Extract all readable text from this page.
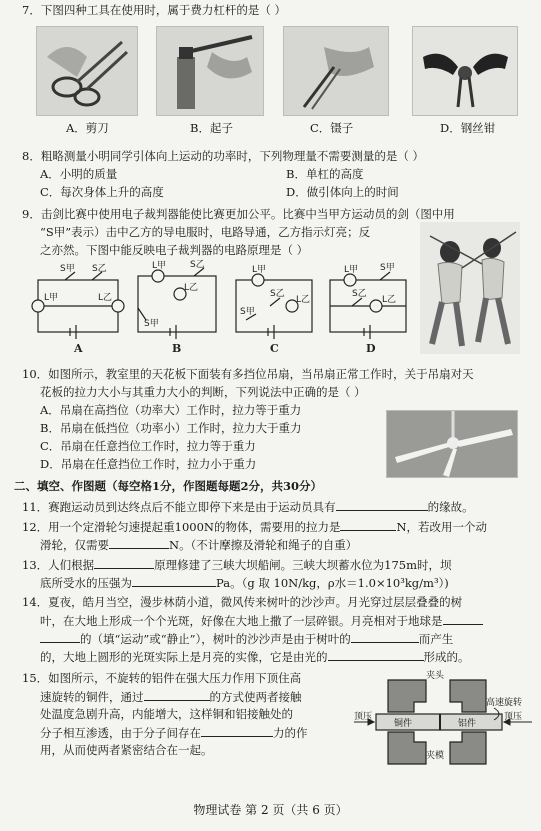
7．下图四种工具在使用时，属于费力杠杆的是（ ）
A．剪刀	B．起子	C．镊子	D．钢丝钳
8．粗略测量小明同学引体向上运动的功率时，下列物理量不需要测量的是（ ）
A．小明的质量	B．单杠的高度
C．每次身体上升的高度	D．做引体向上的时间
9．击剑比赛中使用电子裁判器能使比赛更加公平。比赛中当甲方运动员的剑（图中用
“S甲”表示）击中乙方的导电服时，电路导通，乙方指示灯亮；反
之亦然。下图中能反映电子裁判器的电路原理是（ ）
S甲 S乙
L甲	L乙
L甲	S乙
L乙
S甲
L甲
S乙
L乙
S甲
L甲 S甲
S乙
L乙
A	B	C	D
10．如图所示，教室里的天花板下面装有多挡位吊扇，当吊扇正常工作时，关于吊扇对天
花板的拉力大小与其重力大小的判断，下列说法中正确的是（ ）
A．吊扇在高挡位（功率大）工作时，拉力等于重力
B．吊扇在低挡位（功率小）工作时，拉力大于重力
C．吊扇在任意挡位工作时，拉力等于重力
D．吊扇在任意挡位工作时，拉力小于重力
二、填空、作图题（每空格1分，作图题每题2分，共30分）
11．赛跑运动员到达终点后不能立即停下来是由于运动员具有	的缘故。
12．用一个定滑轮匀速提起重1000N的物体，需要用的拉力是	N，若改用一个动
滑轮，仅需要	N。（不计摩擦及滑轮和绳子的自重）
13．人们根据	原理修建了三峡大坝船闸。三峡大坝蓄水位为175m时，坝
底所受水的压强为	Pa。（g 取 10N/kg，ρ水＝1.0×10³kg/m³）)
14．夏夜，皓月当空，漫步林荫小道，微风传来树叶的沙沙声。月光穿过层层叠叠的树
叶，在大地上形成一个个光斑，好像在大地上撒了一层碎银。月亮相对于地球是
的（填“运动”或“静止”），树叶的沙沙声是由于树叶的	而产生
的，大地上圆形的光斑实际上是月亮的实像，它是由光的	形成的。
15．如图所示，不旋转的铝件在强大压力作用下顶住高
速旋转的铜件，通过	的方式使两者接触
处温度急剧升高，内能增大，这样铜和铝接触处的
分子相互渗透，由于分子间存在	力的作
用，从而使两者紧密结合在一起。
夹头
高速旋转
顶压
顶压
铜件	铝件
夹模
物理试卷 第 2 页（共 6 页）
